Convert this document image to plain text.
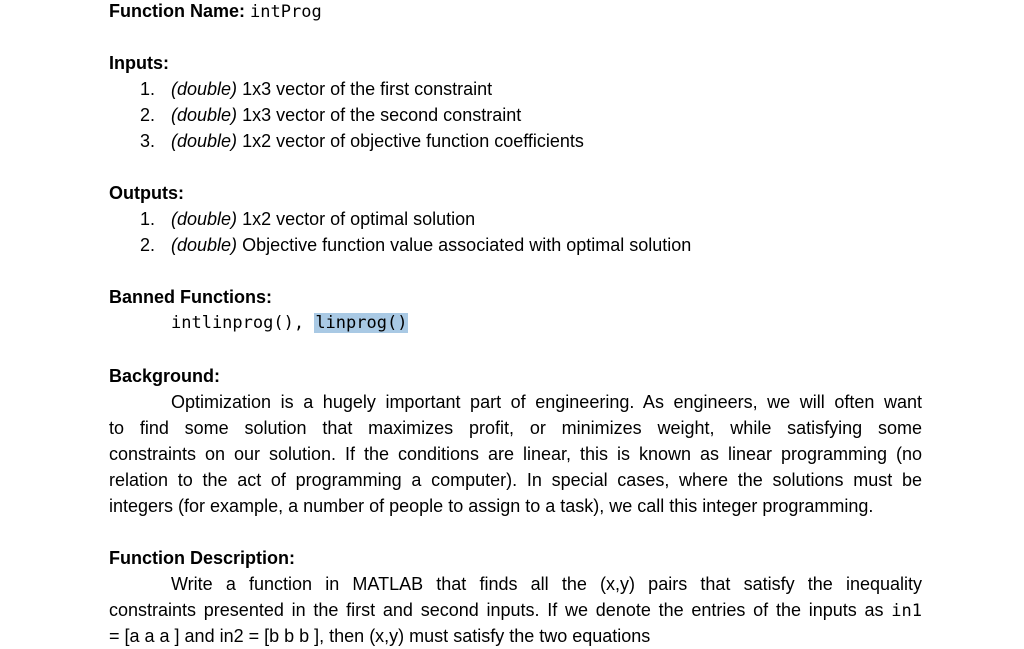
Function Name: intProg
Inputs:
1. (double) 1x3 vector of the first constraint
2. (double) 1x3 vector of the second constraint
3. (double) 1x2 vector of objective function coefficients
Outputs:
1. (double) 1x2 vector of optimal solution
2. (double) Objective function value associated with optimal solution
Banned Functions:
intlinprog(), linprog()
Background:
Optimization is a hugely important part of engineering. As engineers, we will often want
to find some solution that maximizes profit, or minimizes weight, while satisfying some
constraints on our solution. If the conditions are linear, this is known as linear programming (no
relation to the act of programming a computer). In special cases, where the solutions must be
integers (for example, a number of people to assign to a task), we call this integer programming.
Function Description:
Write a function in MATLAB that finds all the (x,y) pairs that satisfy the inequality
constraints presented in the first and second inputs. If we denote the entries of the inputs as in1
= [a a a ] and in2 = [b b b ], then (x,y) must satisfy the two equations
